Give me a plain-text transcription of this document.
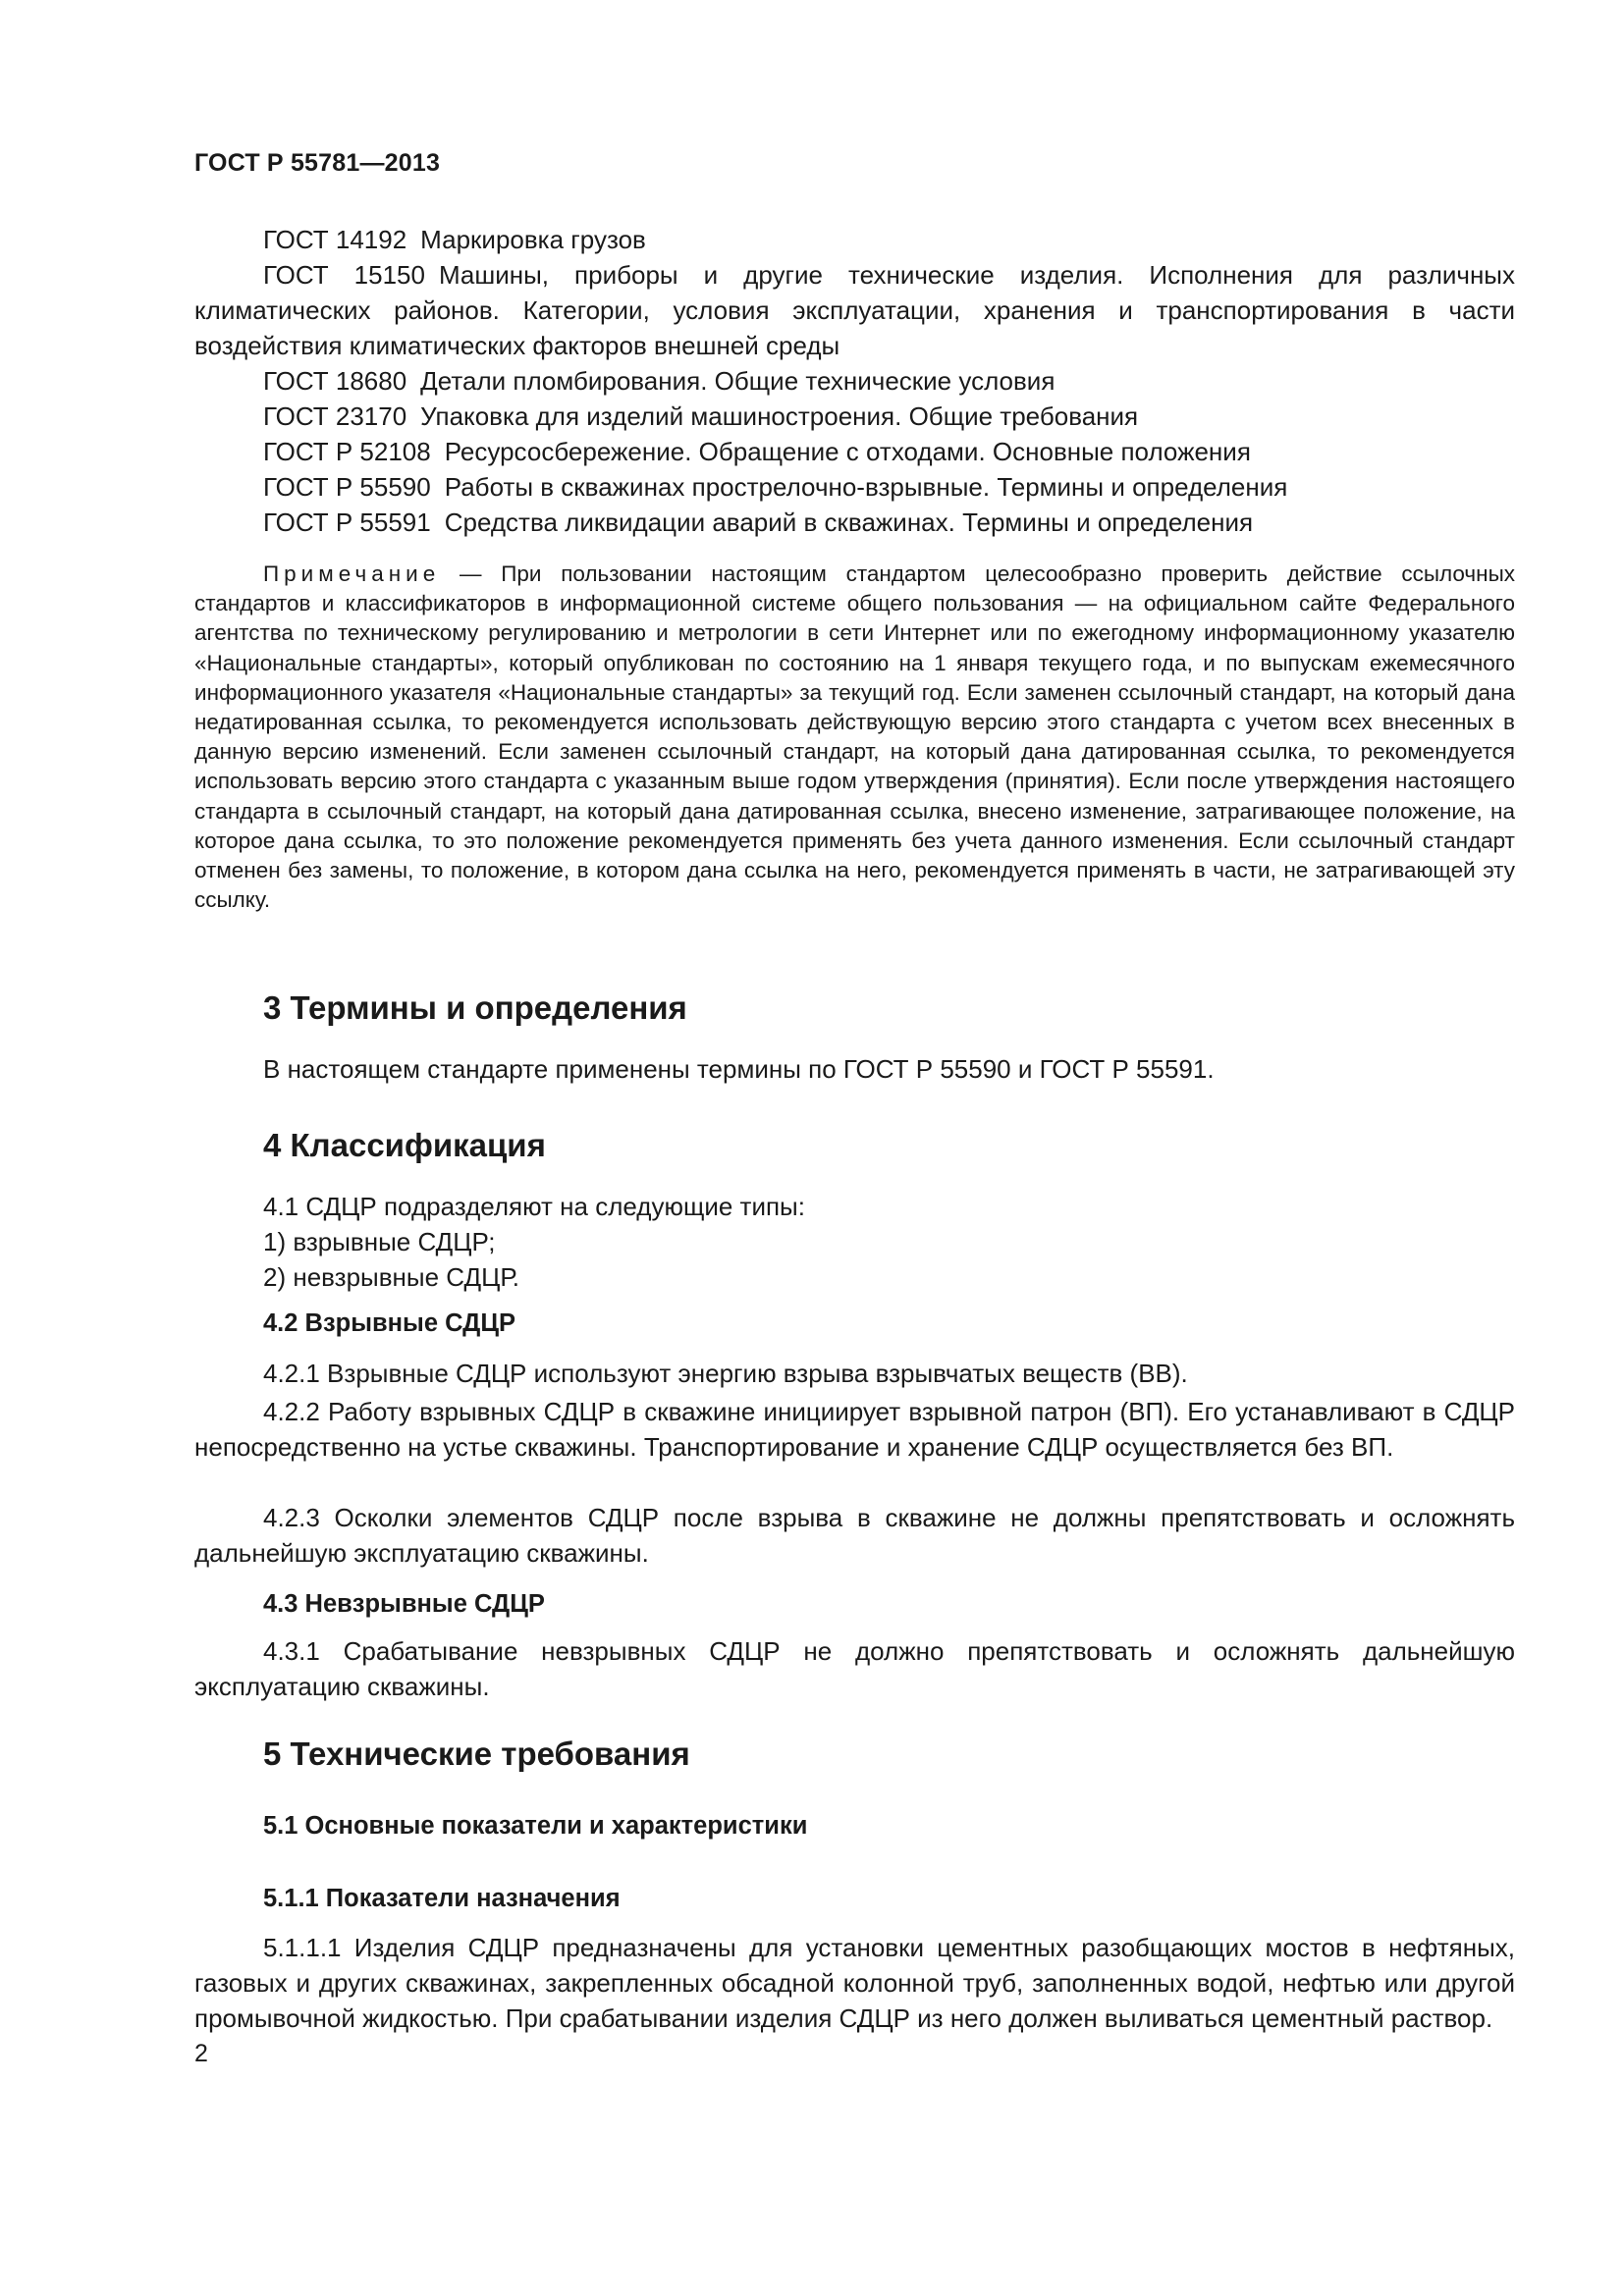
ГОСТ Р 55781—2013
ГОСТ 14192 Маркировка грузов
ГОСТ 15150 Машины, приборы и другие технические изделия. Исполнения для различных климатических районов. Категории, условия эксплуатации, хранения и транспортирования в части воздействия климатических факторов внешней среды
ГОСТ 18680 Детали пломбирования. Общие технические условия
ГОСТ 23170 Упаковка для изделий машиностроения. Общие требования
ГОСТ Р 52108 Ресурсосбережение. Обращение с отходами. Основные положения
ГОСТ Р 55590 Работы в скважинах прострелочно-взрывные. Термины и определения
ГОСТ Р 55591 Средства ликвидации аварий в скважинах. Термины и определения

Примечание — При пользовании настоящим стандартом целесообразно проверить действие ссылочных стандартов и классификаторов в информационной системе общего пользования — на официальном сайте Федерального агентства по техническому регулированию и метрологии в сети Интернет или по ежегодному информационному указателю «Национальные стандарты», который опубликован по состоянию на 1 января текущего года, и по выпускам ежемесячного информационного указателя «Национальные стандарты» за текущий год. Если заменен ссылочный стандарт, на который дана недатированная ссылка, то рекомендуется использовать действующую версию этого стандарта с учетом всех внесенных в данную версию изменений. Если заменен ссылочный стандарт, на который дана датированная ссылка, то рекомендуется использовать версию этого стандарта с указанным выше годом утверждения (принятия). Если после утверждения настоящего стандарта в ссылочный стандарт, на который дана датированная ссылка, внесено изменение, затрагивающее положение, на которое дана ссылка, то это положение рекомендуется применять без учета данного изменения. Если ссылочный стандарт отменен без замены, то положение, в котором дана ссылка на него, рекомендуется применять в части, не затрагивающей эту ссылку.

3 Термины и определения
В настоящем стандарте применены термины по ГОСТ Р 55590 и ГОСТ Р 55591.
4 Классификация
4.1 СДЦР подразделяют на следующие типы:
1) взрывные СДЦР;
2) невзрывные СДЦР.
4.2 Взрывные СДЦР
4.2.1 Взрывные СДЦР используют энергию взрыва взрывчатых веществ (ВВ).

4.2.2 Работу взрывных СДЦР в скважине инициирует взрывной патрон (ВП). Его устанавливают в СДЦР непосредственно на устье скважины. Транспортирование и хранение СДЦР осуществляется без ВП.

4.2.3 Осколки элементов СДЦР после взрыва в скважине не должны препятствовать и осложнять дальнейшую эксплуатацию скважины.

4.3 Невзрывные СДЦР

4.3.1 Срабатывание невзрывных СДЦР не должно препятствовать и осложнять дальнейшую эксплуатацию скважины.

5 Технические требования
5.1 Основные показатели и характеристики
5.1.1 Показатели назначения

5.1.1.1 Изделия СДЦР предназначены для установки цементных разобщающих мостов в нефтяных, газовых и других скважинах, закрепленных обсадной колонной труб, заполненных водой, нефтью или другой промывочной жидкостью. При срабатывании изделия СДЦР из него должен выливаться цементный раствор.

2
